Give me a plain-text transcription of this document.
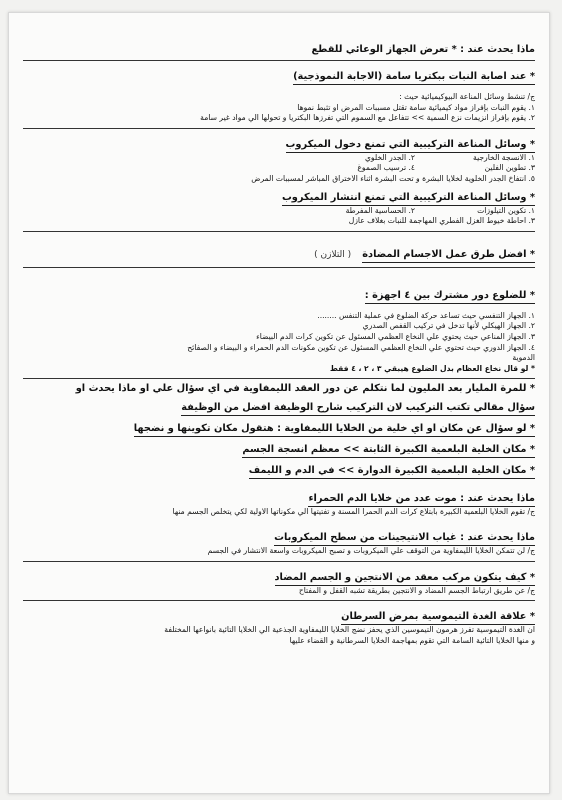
ماذا يحدث عند : * تعرض الجهاز الوعائي للقطع
* عند اصابة النبات ببكتريا سامة (الاجابة النموذجية)
ج/ تنشط وسائل المناعة البيوكيميائية حيث :
١. يقوم النبات بإفراز مواد كيميائية سامة تقتل مسببات المرض او تثبط نموها
٢. يقوم بإفراز انزيمات نزع السمية >> تتفاعل مع السموم التي تفرزها البكتريا و تحولها الي مواد غير سامة
* وسائل المناعة التركيبية التي تمنع دخول الميكروب
١. الانسجة الخارجية
٢. الجدر الخلوي
٣. تطوين الفلين
٤. ترسيب الصموغ
٥. انتفاخ الجدر الخلوية لخلايا البشرة و تحت البشرة اثناء الاختراق المباشر لمسببات المرض
* وسائل المناعة التركيبية التي تمنع انتشار الميكروب
١. تكوين التيلوزات
٢. الحساسية المفرطة
٣. احاطة خيوط الغزل الفطري المهاجمة للنبات بغلاف عازل
* افضل طرق عمل الاجسام المضادة ( التلازن )
* للضلوع دور مشترك بين ٤ اجهزة :
١. الجهاز التنفسي حيث تساعد حركة الضلوع في عملية التنفس ........
٢. الجهاز الهيكلي لأنها تدخل في تركيب القفص الصدري
٣. الجهاز المناعي حيث يحتوي علي النخاع العظمي المسئول عن تكوين كرات الدم البيضاء
٤. الجهاز الدوري حيث تحتوي علي النخاع العظمي المسئول عن تكوين مكونات الدم الحمراء و البيضاء و الصفائح
الدموية
* لو قال نخاع العظام بدل الضلوع هيبقي ٣ ، ٢ ، ٤ فقط
* للمرة المليار بعد المليون لما نتكلم عن دور العقد الليمفاوية في اي سؤال علي او ماذا يحدث او
سؤال مقالي تكتب التركيب لان التركيب شارح الوظيفة افضل من الوظيفة * لو سؤال عن مكان او اي خلية من الخلايا الليمفاوية : هتقول مكان تكوينها و نضجها * مكان الخلية البلعمية الكبيرة الثابتة >> معظم انسجة الجسم * مكان الخلية البلعمية الكبيرة الدوارة >> في الدم و الليمف
ماذا يحدث عند : موت عدد من خلايا الدم الحمراء
ج/ تقوم الخلايا البلعمية الكبيرة بابتلاع كرات الدم الحمرا المسنة و تفتيتها الي مكوناتها الاولية لكي يتخلص الجسم منها
ماذا يحدث عند : غياب الانتيجينات من سطح الميكروبات
ج/ لن تتمكن الخلايا الليمفاوية من التوقف علي الميكروبات و تصبح الميكروبات واسعة الانتشار في الجسم
* كيف يتكون مركب معقد من الانتجين و الجسم المضاد
ج/ عن طريق ارتباط الجسم المضاد و الانتجين بطريقة تشبه القفل و المفتاح
* علاقة الغدة التيموسية بمرض السرطان
ان الغدة التيموسية تفرز هرمون التيموسين الذي يحفز نضج الخلايا الليمفاوية الجذعية الي الخلايا التائية بانواعها المختلفة
و منها الخلايا التائية السامة التي تقوم بمهاجمة الخلايا السرطانية و القضاء عليها
